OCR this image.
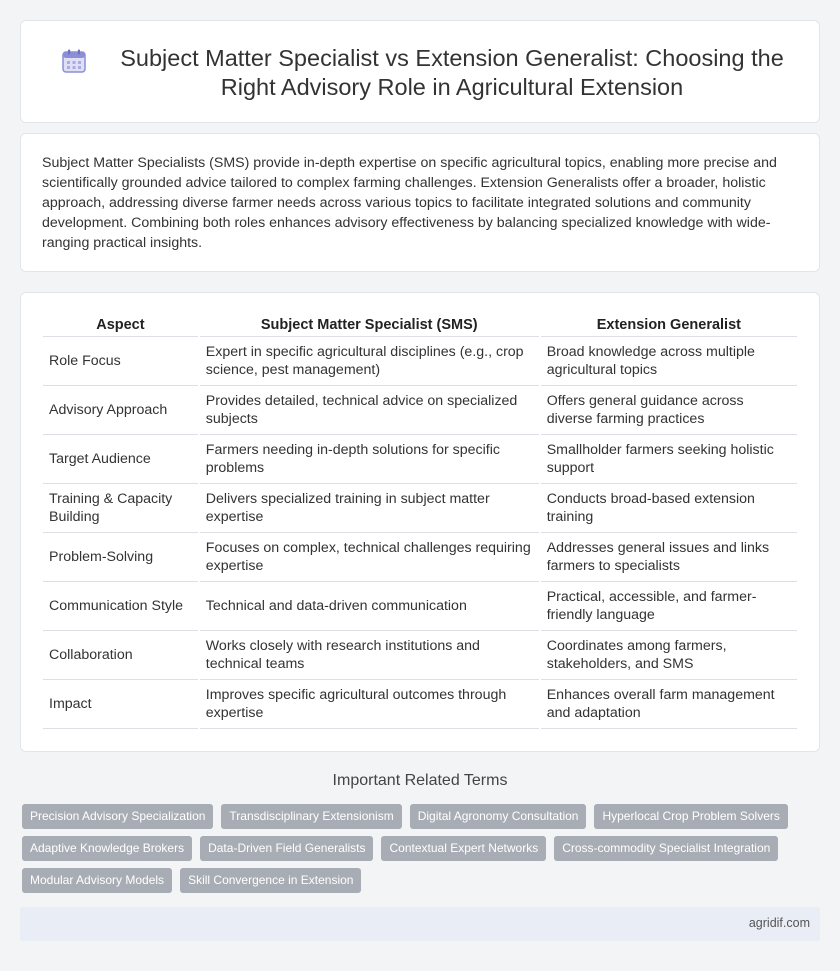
Subject Matter Specialist vs Extension Generalist: Choosing the Right Advisory Role in Agricultural Extension

Subject Matter Specialists (SMS) provide in-depth expertise on specific agricultural topics, enabling more precise and scientifically grounded advice tailored to complex farming challenges. Extension Generalists offer a broader, holistic approach, addressing diverse farmer needs across various topics to facilitate integrated solutions and community development. Combining both roles enhances advisory effectiveness by balancing specialized knowledge with wide-ranging practical insights.

Aspect	Subject Matter Specialist (SMS)	Extension Generalist
Role Focus	Expert in specific agricultural disciplines (e.g., crop science, pest management)	Broad knowledge across multiple agricultural topics
Advisory Approach	Provides detailed, technical advice on specialized subjects	Offers general guidance across diverse farming practices
Target Audience	Farmers needing in-depth solutions for specific problems	Smallholder farmers seeking holistic support
Training & Capacity Building	Delivers specialized training in subject matter expertise	Conducts broad-based extension training
Problem-Solving	Focuses on complex, technical challenges requiring expertise	Addresses general issues and links farmers to specialists
Communication Style	Technical and data-driven communication	Practical, accessible, and farmer-friendly language
Collaboration	Works closely with research institutions and technical teams	Coordinates among farmers, stakeholders, and SMS
Impact	Improves specific agricultural outcomes through expertise	Enhances overall farm management and adaptation
Important Related Terms
Precision Advisory Specialization	Transdisciplinary Extensionism	Digital Agronomy Consultation	Hyperlocal Crop Problem Solvers
Adaptive Knowledge Brokers	Data-Driven Field Generalists	Contextual Expert Networks	Cross-commodity Specialist Integration
Modular Advisory Models	Skill Convergence in Extension
agridif.com
